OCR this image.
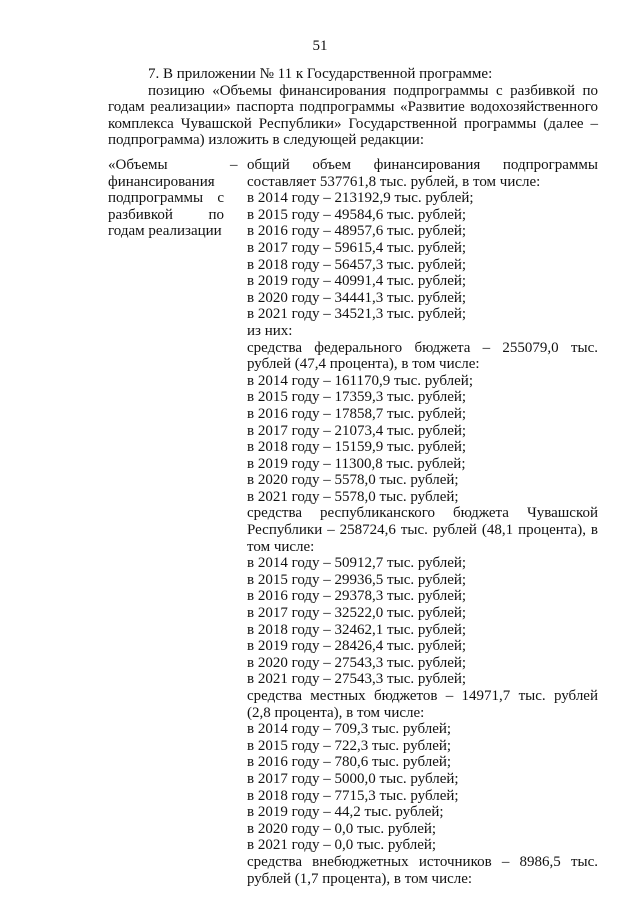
51

7. В приложении № 11 к Государственной программе:

позицию «Объемы финансирования подпрограммы с разбивкой по годам реализации» паспорта подпрограммы «Развитие водохозяйственного комплекса Чувашской Республики» Государственной программы (далее – подпрограмма) изложить в следующей редакции:

«Объемы финансирования подпрограммы с разбивкой по годам реализации
– общий объем финансирования подпрограммы составляет 537761,8 тыс. рублей, в том числе:
в 2014 году – 213192,9 тыс. рублей;
в 2015 году – 49584,6 тыс. рублей;
в 2016 году – 48957,6 тыс. рублей;
в 2017 году – 59615,4 тыс. рублей;
в 2018 году – 56457,3 тыс. рублей;
в 2019 году – 40991,4 тыс. рублей;
в 2020 году – 34441,3 тыс. рублей;
в 2021 году – 34521,3 тыс. рублей;
из них:
средства федерального бюджета – 255079,0 тыс. рублей (47,4 процента), в том числе:
в 2014 году – 161170,9 тыс. рублей;
в 2015 году – 17359,3 тыс. рублей;
в 2016 году – 17858,7 тыс. рублей;
в 2017 году – 21073,4 тыс. рублей;
в 2018 году – 15159,9 тыс. рублей;
в 2019 году – 11300,8 тыс. рублей;
в 2020 году – 5578,0 тыс. рублей;
в 2021 году – 5578,0 тыс. рублей;
средства республиканского бюджета Чувашской Республики – 258724,6 тыс. рублей (48,1 процента), в том числе:
в 2014 году – 50912,7 тыс. рублей;
в 2015 году – 29936,5 тыс. рублей;
в 2016 году – 29378,3 тыс. рублей;
в 2017 году – 32522,0 тыс. рублей;
в 2018 году – 32462,1 тыс. рублей;
в 2019 году – 28426,4 тыс. рублей;
в 2020 году – 27543,3 тыс. рублей;
в 2021 году – 27543,3 тыс. рублей;
средства местных бюджетов – 14971,7 тыс. рублей (2,8 процента), в том числе:
в 2014 году – 709,3 тыс. рублей;
в 2015 году – 722,3 тыс. рублей;
в 2016 году – 780,6 тыс. рублей;
в 2017 году – 5000,0 тыс. рублей;
в 2018 году – 7715,3 тыс. рублей;
в 2019 году – 44,2 тыс. рублей;
в 2020 году – 0,0 тыс. рублей;
в 2021 году – 0,0 тыс. рублей;
средства внебюджетных источников – 8986,5 тыс. рублей (1,7 процента), в том числе:
